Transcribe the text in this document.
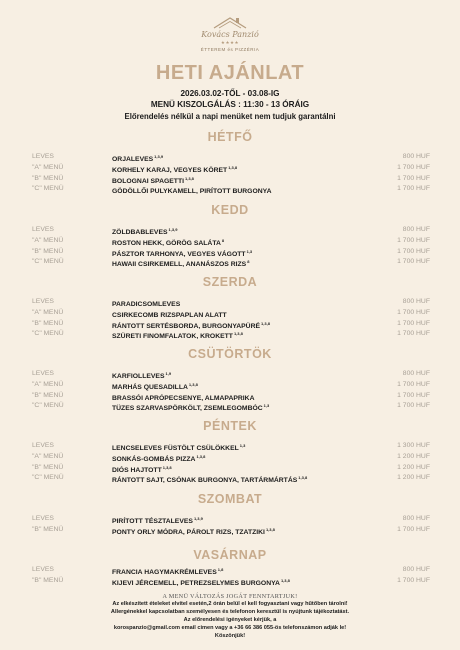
Kovács Panzió
★★★★
ÉTTEREM és PIZZÉRIA
HETI AJÁNLAT
2026.03.02-TŐL - 03.08-IG
MENÜ KISZOLGÁLÁS : 11:30 - 13 ÓRÁIG
Előrendelés nélkül a napi menüket nem tudjuk garantálni
HÉTFŐ
LEVES	ORJALEVES$^{1,3,9}$	800 HUF
"A" MENÜ	KORHELY KARAJ, VEGYES KÖRET$^{1,3,8}$	1 700 HUF
"B" MENÜ	BOLOGNAI SPAGETTI$^{1,3,8}$	1 700 HUF
"C" MENÜ	GÖDÖLLŐI PULYKAMELL, PIRÍTOTT BURGONYA	1 700 HUF
KEDD
LEVES	ZÖLDBABLEVES$^{1,3,9}$	800 HUF
"A" MENÜ	ROSTON HEKK, GÖRÖG SALÁTA$^8$	1 700 HUF
"B" MENÜ	PÁSZTOR TARHONYA, VEGYES VÁGOTT$^{1,3}$	1 700 HUF
"C" MENÜ	HAWAII CSIRKEMELL, ANANÁSZOS RIZS$^8$	1 700 HUF
SZERDA
LEVES	PARADICSOMLEVES	800 HUF
"A" MENÜ	CSIRKECOMB RIZSPAPLAN ALATT	1 700 HUF
"B" MENÜ	RÁNTOTT SERTÉSBORDA, BURGONYAPÜRÉ$^{1,3,8}$	1 700 HUF
"C" MENÜ	SZÜRETI FINOMFALATOK, KROKETT$^{1,3,8}$	1 700 HUF
CSÜTÖRTÖK
LEVES	KARFIOLLEVES$^{1,9}$	800 HUF
"A" MENÜ	MARHÁS QUESADILLA$^{1,3,8}$	1 700 HUF
"B" MENÜ	BRASSÓI APRÓPECSENYE, ALMAPAPRIKA	1 700 HUF
"C" MENÜ	TÜZES SZARVASPÖRKÖLT, ZSEMLEGOMBÓC$^{1,3}$	1 700 HUF
PÉNTEK
LEVES	LENCSELEVES FÜSTÖLT CSÜLÖKKEL$^{1,3}$	1 300 HUF
"A" MENÜ	SONKÁS-GOMBÁS PIZZA$^{1,3,8}$	1 200 HUF
"B" MENÜ	DIÓS HAJTOTT$^{1,3,8}$	1 200 HUF
"C" MENÜ	RÁNTOTT SAJT, CSÓNAK BURGONYA, TARTÁRMÁRTÁS$^{1,3,8}$	1 200 HUF
SZOMBAT
LEVES	PIRÍTOTT TÉSZTALEVES$^{1,3,9}$	800 HUF
"B" MENÜ	PONTY ORLY MÓDRA, PÁROLT RIZS, TZATZIKI$^{1,3,8}$	1 700 HUF
VASÁRNAP
LEVES	FRANCIA HAGYMAKRÉMLEVES$^{1,8}$	800 HUF
"B" MENÜ	KIJEVI JÉRCEMELL, PETREZSELYMES BURGONYA$^{1,3,8}$	1 700 HUF
A MENÜ VÁLTOZÁS JOGÁT FENNTARTJUK!
Az elkészített ételeket elvitel esetén,2 órán belül el kell fogyasztani vagy hűtőben tárolni!
Allergénekkel kapcsolatban személyesen és telefonon keresztül is nyújtunk tájékoztatást.
Az előrendelési igényeket kérjük, a
korospanzio@gmail.com email cimen vagy a +36 66 386 055-ös telefonszámon adják le!
Köszönjük!
